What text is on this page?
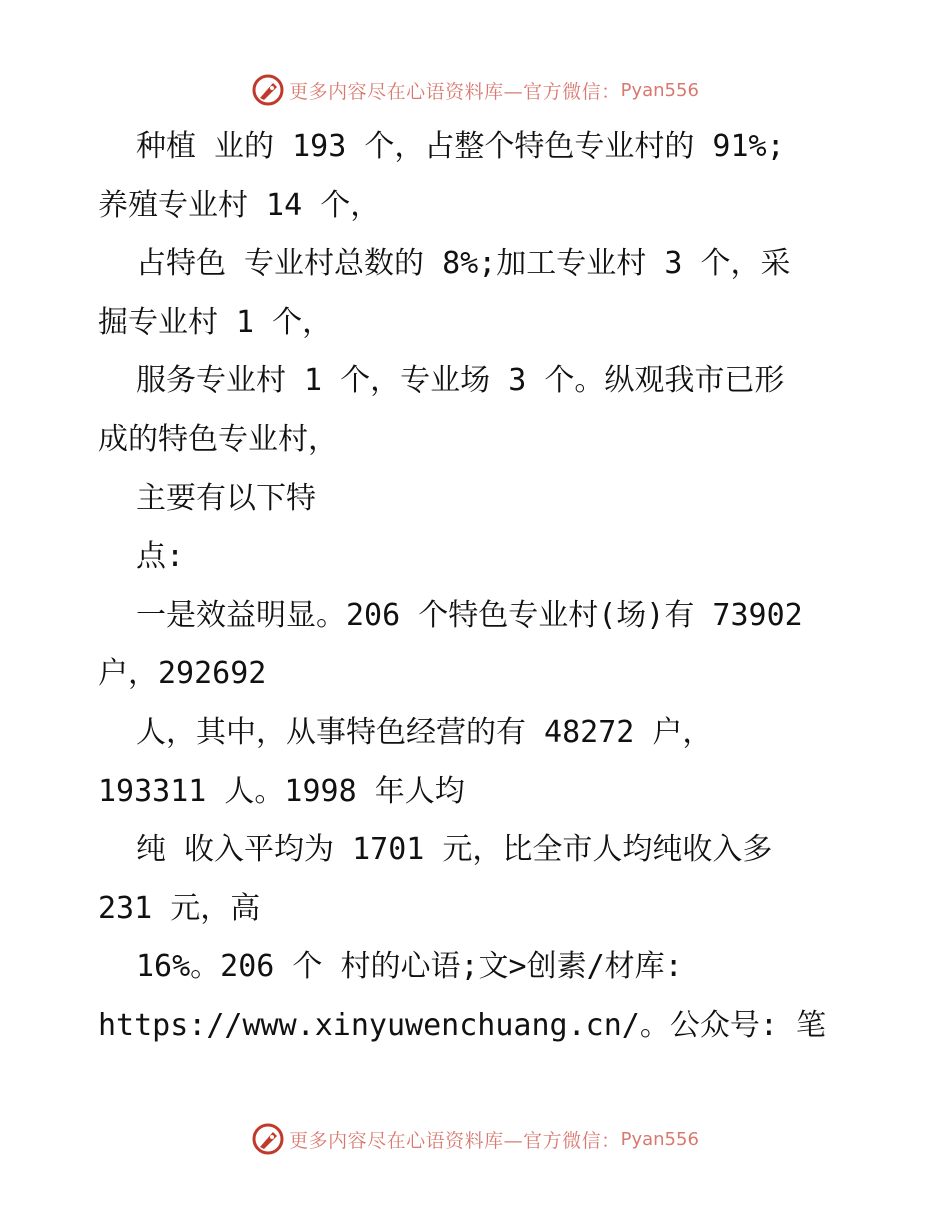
更多内容尽在心语资料库—官方微信： Pyan556
种植 业的 193 个，占整个特色专业村的 91%;
养殖专业村 14 个，
占特色 专业村总数的 8%;加工专业村 3 个，采
掘专业村 1 个，
服务专业村 1 个，专业场 3 个。纵观我市已形
成的特色专业村，
主要有以下特
点:
一是效益明显。206 个特色专业村(场)有 73902
户，292692
人，其中，从事特色经营的有 48272 户，
193311 人。1998 年人均
纯 收入平均为 1701 元，比全市人均纯收入多
231 元，高
16%。206 个 村的心语;文>创素/材库:
https://www.xinyuwenchuang.cn/。公众号: 笔
更多内容尽在心语资料库—官方微信： Pyan556
